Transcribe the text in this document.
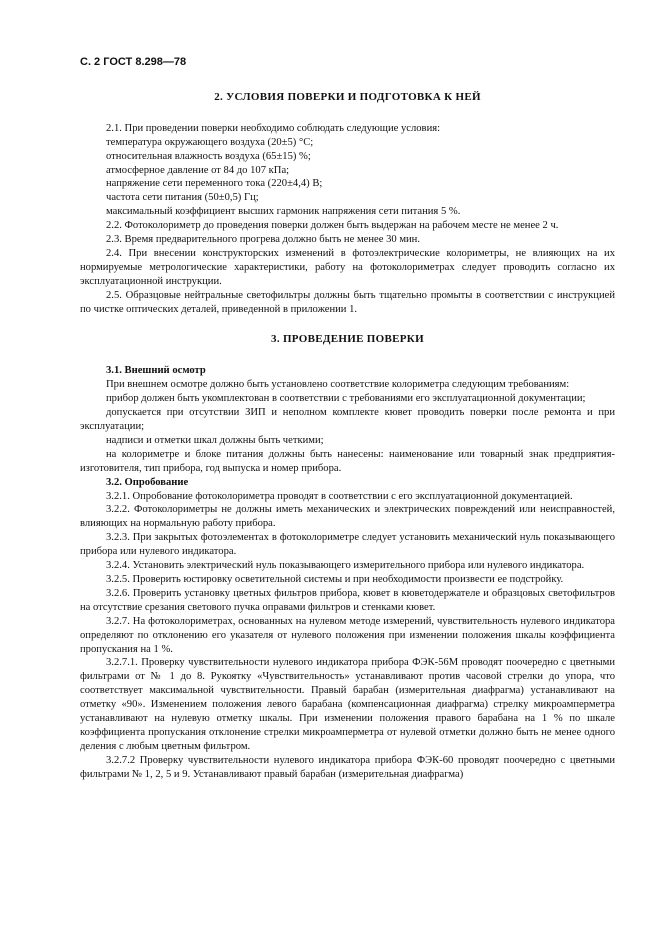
С. 2 ГОСТ 8.298—78
2. УСЛОВИЯ ПОВЕРКИ И ПОДГОТОВКА К НЕЙ

2.1. При проведении поверки необходимо соблюдать следующие условия:

температура окружающего воздуха (20±5) °С;

относительная влажность воздуха (65±15) %;

атмосферное давление от 84 до 107 кПа;

напряжение сети переменного тока (220±4,4) В;

частота сети питания (50±0,5) Гц;

максимальный коэффициент высших гармоник напряжения сети питания 5 %.

2.2. Фотоколориметр до проведения поверки должен быть выдержан на рабочем месте не менее 2 ч.

2.3. Время предварительного прогрева должно быть не менее 30 мин.

2.4. При внесении конструкторских изменений в фотоэлектрические колориметры, не влияющих на их нормируемые метрологические характеристики, работу на фотоколориметрах следует проводить согласно их эксплуатационной инструкции.

2.5. Образцовые нейтральные светофильтры должны быть тщательно промыты в соответствии с инструкцией по чистке оптических деталей, приведенной в приложении 1.

3. ПРОВЕДЕНИЕ ПОВЕРКИ

3.1. Внешний осмотр

При внешнем осмотре должно быть установлено соответствие колориметра следующим требованиям:

прибор должен быть укомплектован в соответствии с требованиями его эксплуатационной документации;

допускается при отсутствии ЗИП и неполном комплекте кювет проводить поверки после ремонта и при эксплуатации;

надписи и отметки шкал должны быть четкими;

на колориметре и блоке питания должны быть нанесены: наименование или товарный знак предприятия-изготовителя, тип прибора, год выпуска и номер прибора.

3.2. Опробование

3.2.1. Опробование фотоколориметра проводят в соответствии с его эксплуатационной документацией.

3.2.2. Фотоколориметры не должны иметь механических и электрических повреждений или неисправностей, влияющих на нормальную работу прибора.

3.2.3. При закрытых фотоэлементах в фотоколориметре следует установить механический нуль показывающего прибора или нулевого индикатора.

3.2.4. Установить электрический нуль показывающего измерительного прибора или нулевого индикатора.

3.2.5. Проверить юстировку осветительной системы и при необходимости произвести ее подстройку.

3.2.6. Проверить установку цветных фильтров прибора, кювет в кюветодержателе и образцовых светофильтров на отсутствие срезания светового пучка оправами фильтров и стенками кювет.

3.2.7. На фотоколориметрах, основанных на нулевом методе измерений, чувствительность нулевого индикатора определяют по отклонению его указателя от нулевого положения при изменении положения шкалы коэффициента пропускания на 1 %.

3.2.7.1. Проверку чувствительности нулевого индикатора прибора ФЭК-56М проводят поочередно с цветными фильтрами от № 1 до 8. Рукоятку «Чувствительность» устанавливают против часовой стрелки до упора, что соответствует максимальной чувствительности. Правый барабан (измерительная диафрагма) устанавливают на отметку «90». Изменением положения левого барабана (компенсационная диафрагма) стрелку микроамперметра устанавливают на нулевую отметку шкалы. При изменении положения правого барабана на 1 % по шкале коэффициента пропускания отклонение стрелки микроамперметра от нулевой отметки должно быть не менее одного деления с любым цветным фильтром.

3.2.7.2 Проверку чувствительности нулевого индикатора прибора ФЭК-60 проводят поочередно с цветными фильтрами № 1, 2, 5 и 9. Устанавливают правый барабан (измерительная диафрагма)
